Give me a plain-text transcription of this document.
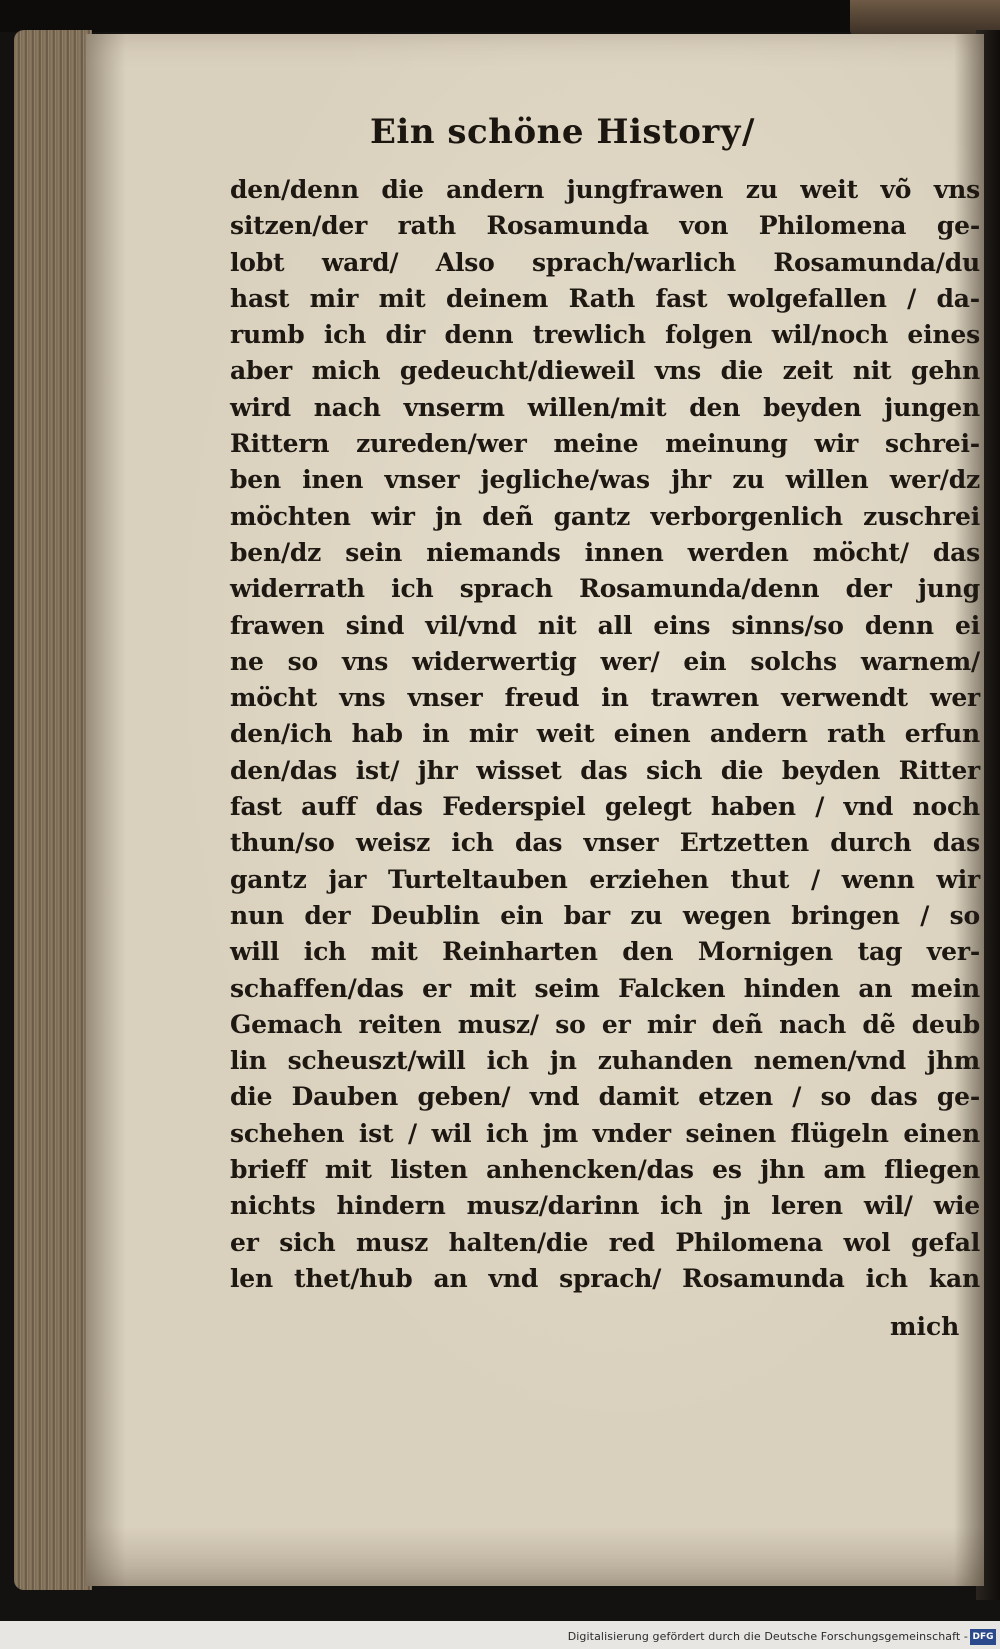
Ein schöne Historу/
den/denn die andern jungfrawen zu weit võ vns
sitzen/der rath Rosamunda von Philomena ge-
lobt ward/ Also sprach/warlich Rosamunda/du
hast mir mit deinem Rath fast wolgefallen / da-
rumb ich dir denn trewlich folgen wil/noch eines
aber mich gedeucht/dieweil vns die zeit nit gehn
wird nach vnserm willen/mit den beyden jungen
Rittern zureden/wer meine meinung wir schrei-
ben inen vnser jegliche/was jhr zu willen wer/dz
möchten wir jn deñ gantz verborgenlich zuschrei
ben/dz sein niemands innen werden möcht/ das
widerrath ich sprach Rosamunda/denn der jung
frawen sind vil/vnd nit all eins sinns/so denn ei
ne so vns widerwertig wer/ ein solchs warnem/
möcht vns vnser freud in trawren verwendt wer
den/ich hab in mir weit einen andern rath erfun
den/das ist/ jhr wisset das sich die beyden Ritter
fast auff das Federspiel gelegt haben / vnd noch
thun/so weisz ich das vnser Ertzetten durch das
gantz jar Turteltauben erziehen thut / wenn wir
nun der Deublin ein bar zu wegen bringen / so
will ich mit Reinharten den Mornigen tag ver-
schaffen/das er mit seim Falcken hinden an mein
Gemach reiten musz/ so er mir deñ nach dẽ deub
lin scheuszt/will ich jn zuhanden nemen/vnd jhm
die Dauben geben/ vnd damit etzen / so das ge-
schehen ist / wil ich jm vnder seinen flügeln einen
brieff mit listen anhencken/das es jhn am fliegen
nichts hindern musz/darinn ich jn leren wil/ wie
er sich musz halten/die red Philomena wol gefal
len thet/hub an vnd sprach/ Rosamunda ich kan
mich
Digitalisierung gefördert durch die Deutsche Forschungsgemeinschaft - DFG
